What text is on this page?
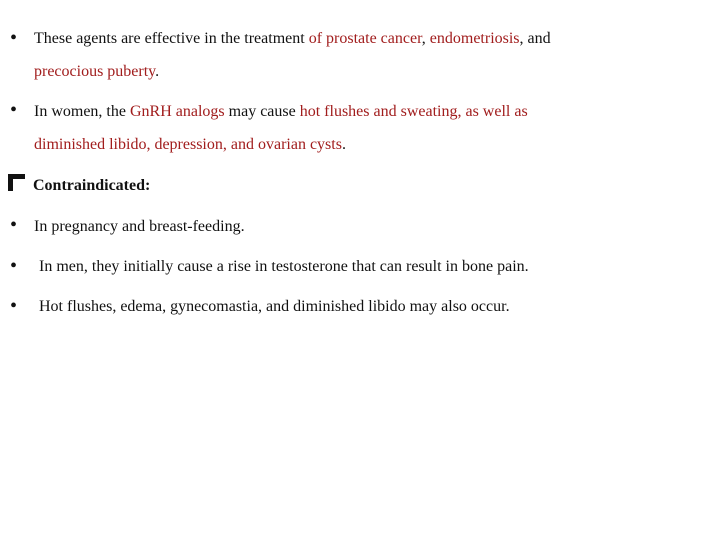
• These agents are effective in the treatment of prostate cancer, endometriosis, and
precocious puberty.
• In women, the GnRH analogs may cause hot flushes and sweating, as well as
diminished libido, depression, and ovarian cysts.
Contraindicated:
• In pregnancy and breast-feeding.
• In men, they initially cause a rise in testosterone that can result in bone pain.
• Hot flushes, edema, gynecomastia, and diminished libido may also occur.
